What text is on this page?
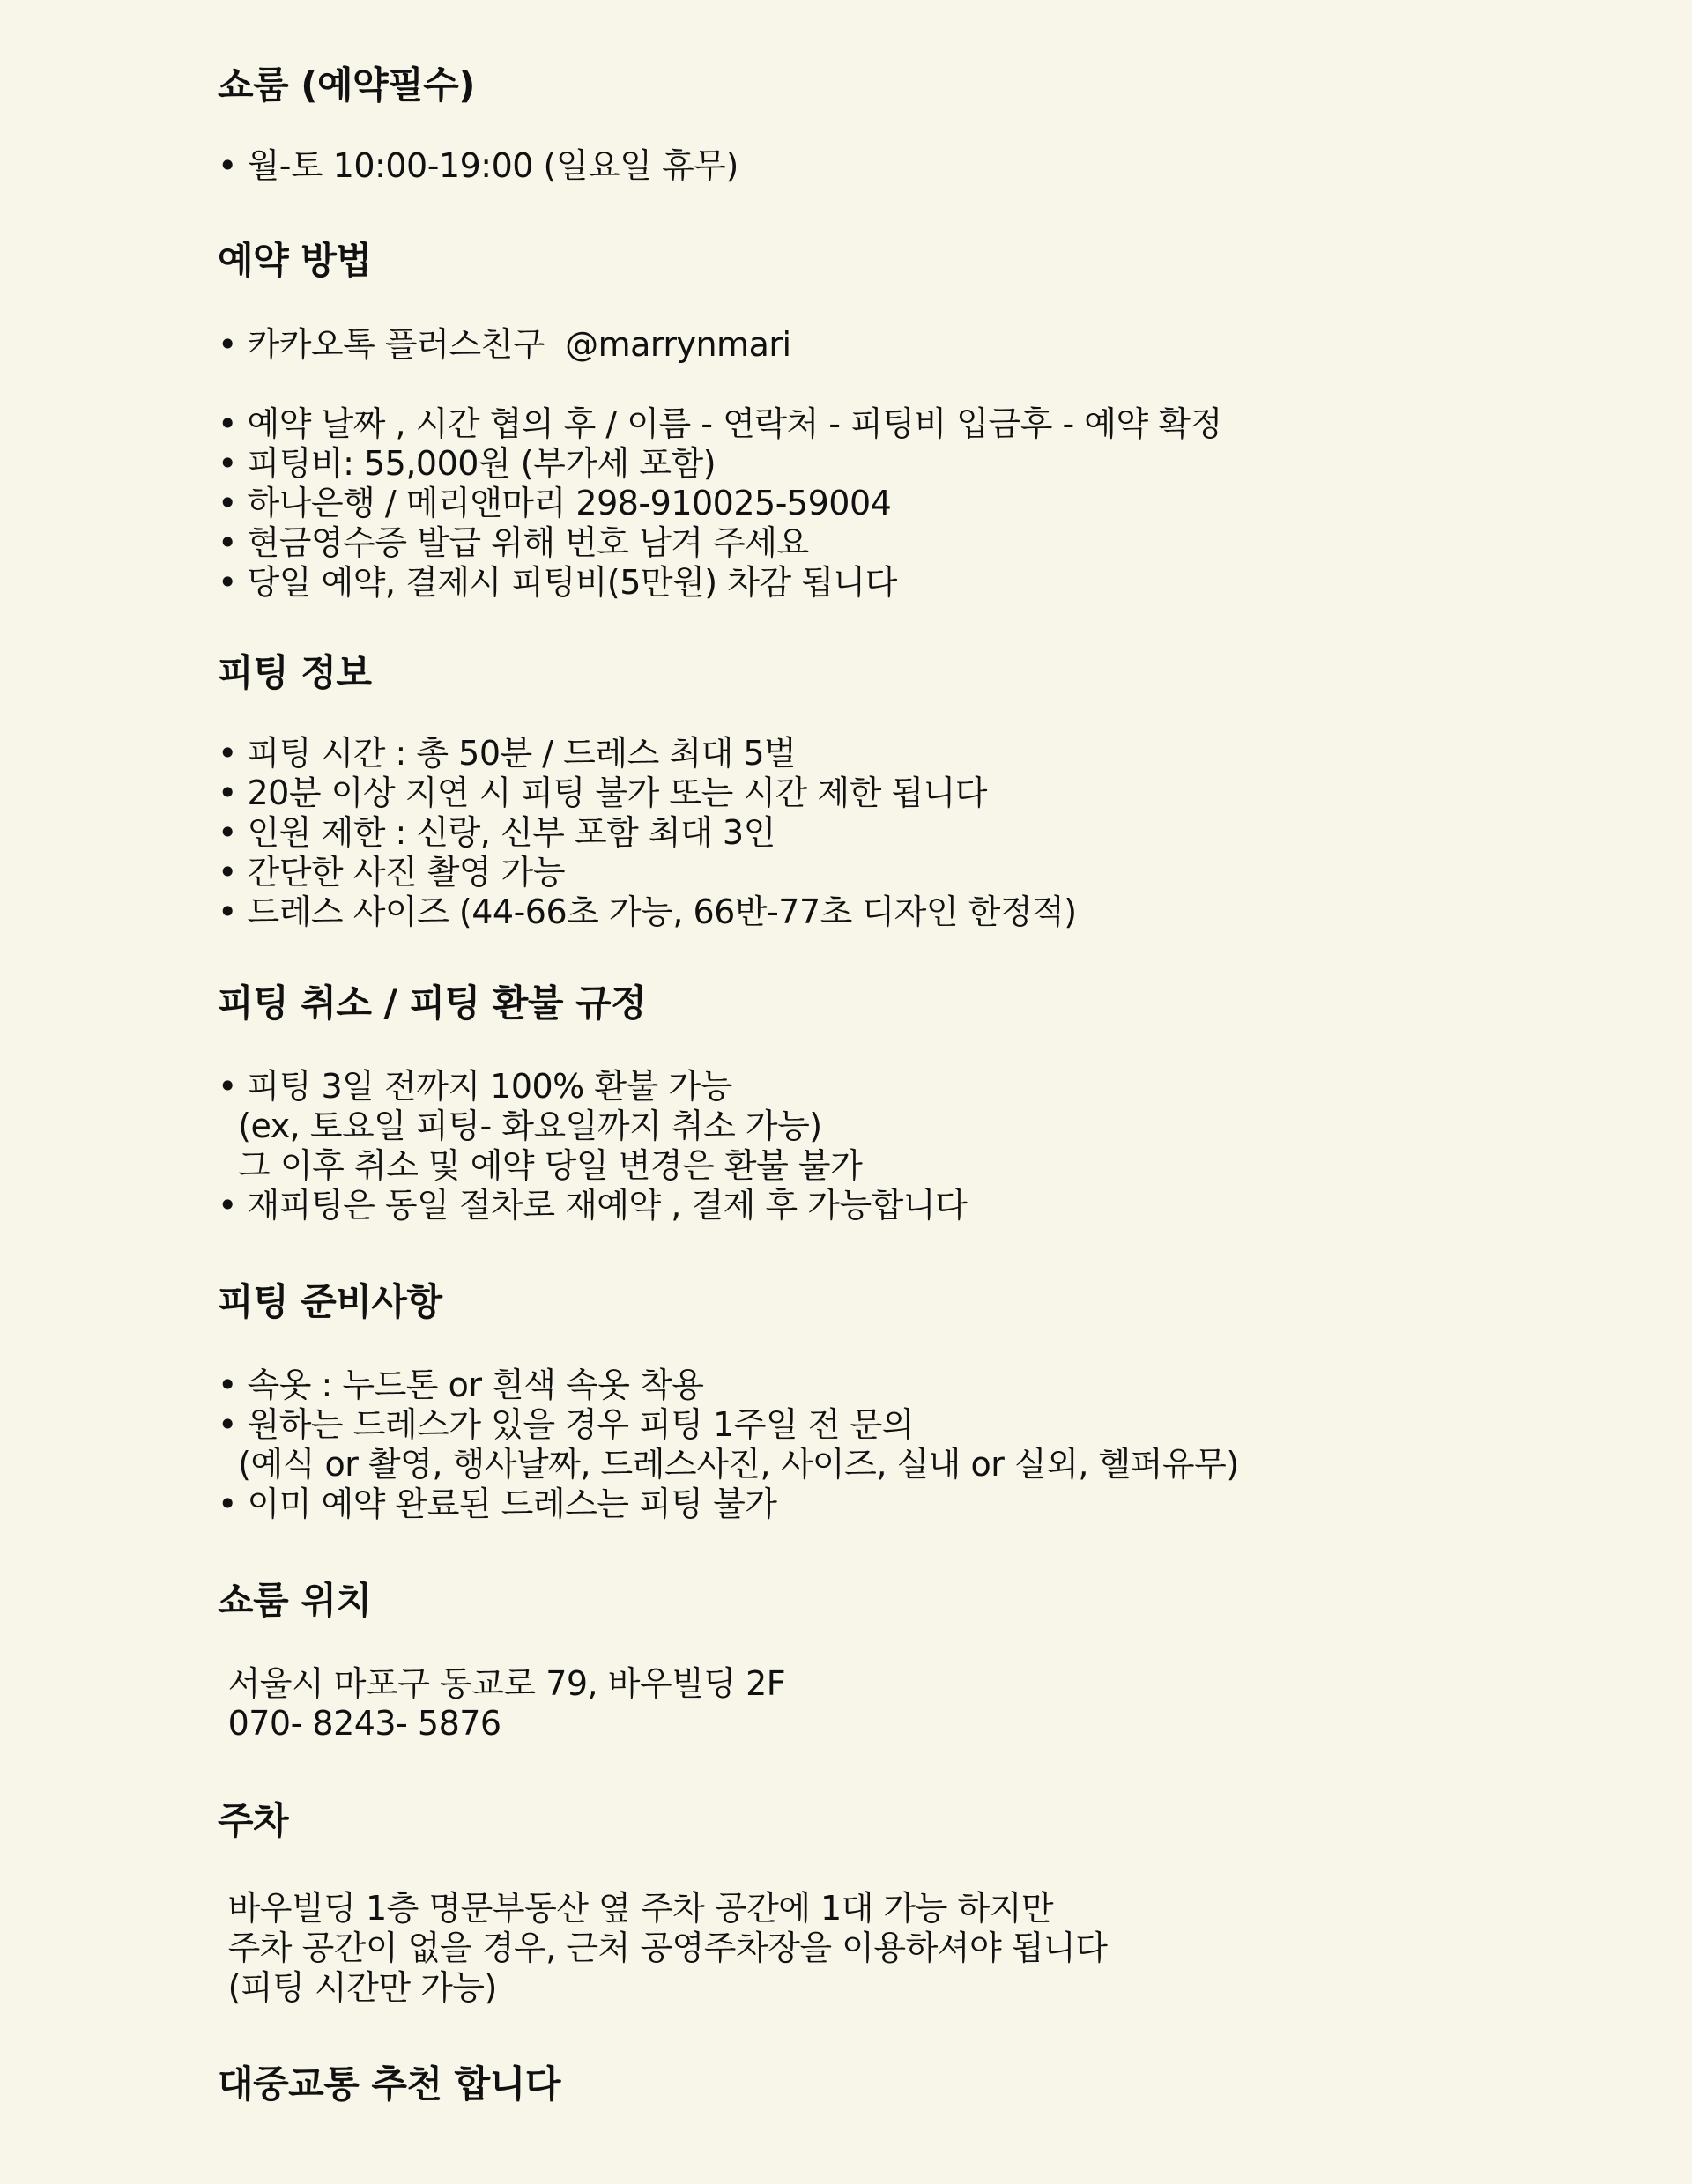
쇼룸 (예약필수)
• 월-토 10:00-19:00 (일요일 휴무)
예약 방법
• 카카오톡 플러스친구  @marrynmari
• 예약 날짜 , 시간 협의 후 / 이름 - 연락처 - 피팅비 입금후 - 예약 확정
• 피팅비: 55,000원 (부가세 포함)
• 하나은행 / 메리앤마리 298-910025-59004
• 현금영수증 발급 위해 번호 남겨 주세요
• 당일 예약, 결제시 피팅비(5만원) 차감 됩니다
피팅 정보
• 피팅 시간 : 총 50분 / 드레스 최대 5벌
• 20분 이상 지연 시 피팅 불가 또는 시간 제한 됩니다
• 인원 제한 : 신랑, 신부 포함 최대 3인
• 간단한 사진 촬영 가능
• 드레스 사이즈 (44-66초 가능, 66반-77초 디자인 한정적)
피팅 취소 / 피팅 환불 규정
• 피팅 3일 전까지 100% 환불 가능
(ex, 토요일 피팅- 화요일까지 취소 가능)
그 이후 취소 및 예약 당일 변경은 환불 불가
• 재피팅은 동일 절차로 재예약 , 결제 후 가능합니다
피팅 준비사항
• 속옷 : 누드톤 or 흰색 속옷 착용
• 원하는 드레스가 있을 경우 피팅 1주일 전 문의
(예식 or 촬영, 행사날짜, 드레스사진, 사이즈, 실내 or 실외, 헬퍼유무)
• 이미 예약 완료된 드레스는 피팅 불가
쇼룸 위치
서울시 마포구 동교로 79, 바우빌딩 2F
070- 8243- 5876
주차
바우빌딩 1층 명문부동산 옆 주차 공간에 1대 가능 하지만
주차 공간이 없을 경우, 근처 공영주차장을 이용하셔야 됩니다
(피팅 시간만 가능)
대중교통 추천 합니다
